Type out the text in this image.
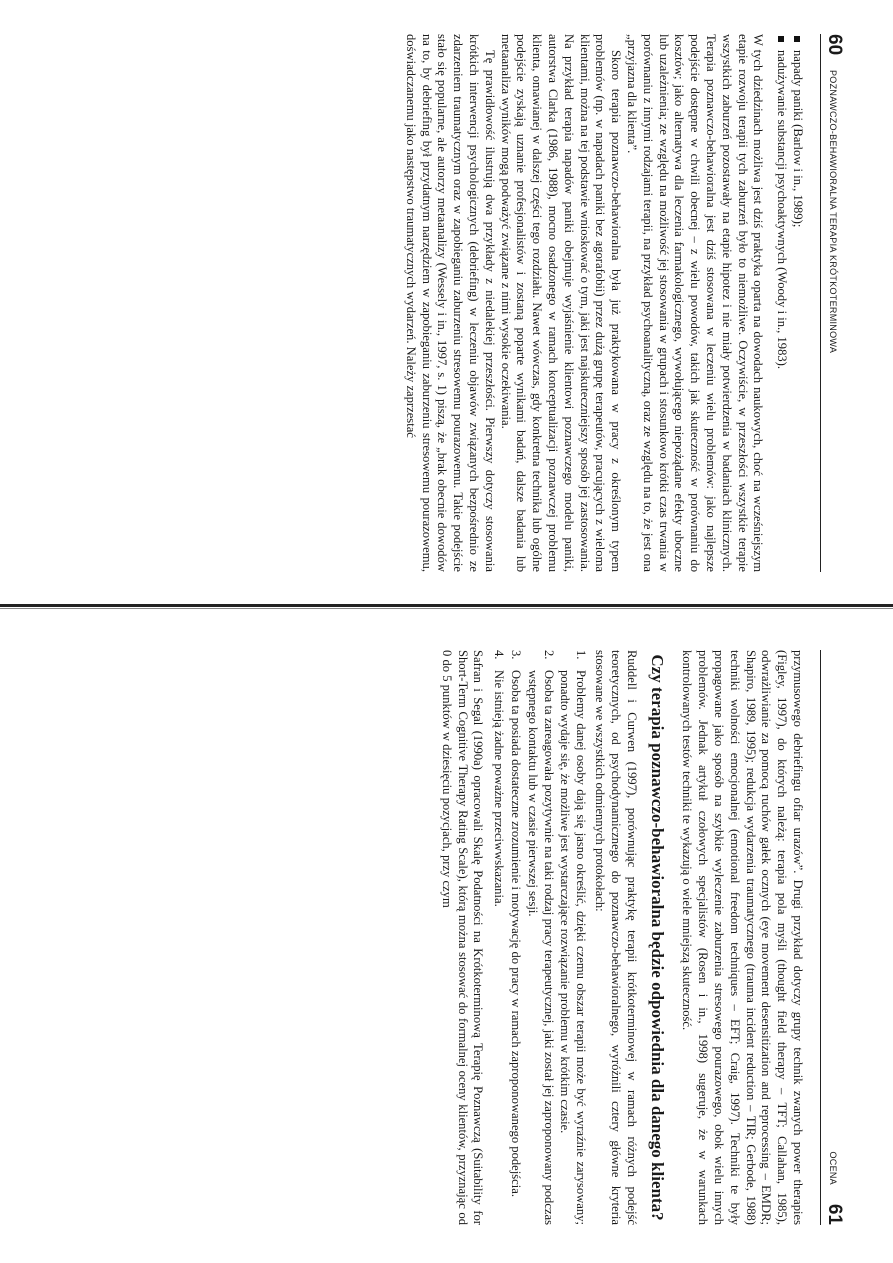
60
POZNAWCZO-BEHAWIORALNA TERAPIA KRÓTKOTERMINOWA
napady paniki (Barlow i in., 1989);
nadużywanie substancji psychoaktywnych (Woody i in., 1983).

W tych dziedzinach możliwa jest dziś praktyka oparta na dowodach naukowych, choć na wcześniejszym etapie rozwoju terapii tych zaburzeń było to niemożliwe. Oczywiście, w przeszłości wszystkie terapie wszystkich zaburzeń pozostawały na etapie hipotez i nie miały potwierdzenia w badaniach klinicznych. Terapia poznawczo-behawioralna jest dziś stosowana w leczeniu wielu problemów: jako najlepsze podejście dostępne w chwili obecnej – z wielu powodów, takich jak skuteczność w porównaniu do kosztów; jako alternatywa dla leczenia farmakologicznego, wywołującego niepożądane efekty uboczne lub uzależnienia; ze względu na możliwość jej stosowania w grupach i stosunkowo krótki czas trwania w porównaniu z innymi rodzajami terapii, na przykład psychoanalityczną, oraz ze względu na to, że jest ona „przyjazna dla klienta”.

Skoro terapia poznawczo-behawioralna była już praktykowana w pracy z określonym typem problemów (np. w napadach paniki bez agorafobii) przez dużą grupę terapeutów, pracujących z wieloma klientami, można na tej podstawie wnioskować o tym, jaki jest najskuteczniejszy sposób jej zastosowania. Na przykład terapia napadów paniki obejmuje wyjaśnienie klientowi poznawczego modelu paniki, autorstwa Clarka (1986, 1988), mocno osadzonego w ramach konceptualizacji poznawczej problemu klienta, omawianej w dalszej części tego rozdziału. Nawet wówczas, gdy konkretna technika lub ogólne podejście zyskają uznanie profesjonalistów i zostaną poparte wynikami badań, dalsze badania lub metaanaliza wyników mogą podważyć związane z nimi wysokie oczekiwania.

Tę prawidłowość ilustrują dwa przykłady z niedalekiej przeszłości. Pierwszy dotyczy stosowania krótkich interwencji psychologicznych (debriefing) w leczeniu objawów związanych bezpośrednio ze zdarzeniem traumatycznym oraz w zapobieganiu zaburzeniu stresowemu pourazowemu. Takie podejście stało się popularne, ale autorzy metaanalizy (Wessely i in., 1997, s. 1) piszą, że „brak obecnie dowodów na to, by debriefing był przydatnym narzędziem w zapobieganiu zaburzeniu stresowemu pourazowemu, doświadczanemu jako następstwo traumatycznych wydarzeń. Należy zaprzestać

OCENA
61

przymusowego debriefingu ofiar urazów”. Drugi przykład dotyczy grupy technik zwanych power therapies (Figley, 1997), do których należą: terapia pola myśli (thought field therapy – TFT; Callahan, 1985), odwrażliwianie za pomocą ruchów gałek ocznych (eye movement desensitization and reprocessing – EMDR; Shapiro, 1989, 1995); redukcja wydarzenia traumatycznego (trauma incident reduction – TIR; Gerbode, 1988) techniki wolności emocjonalnej (emotional freedom techniques – EFT; Craig, 1997). Techniki te były propagowane jako sposób na szybkie wyleczenie zaburzenia stresowego pourazowego, obok wielu innych problemów. Jednak artykuł czołowych specjalistów (Rosen i in., 1998) sugeruje, że w warunkach kontrolowanych testów techniki te wykazują o wiele mniejszą skuteczność.

Czy terapia poznawczo-behawioralna będzie odpowiednia dla danego klienta?

Ruddell i Curwen (1997), porównując praktykę terapii krótkoterminowej w ramach różnych podejść teoretycznych, od psychodynamicznego do poznawczo-behawioralnego, wyróżnili cztery główne kryteria stosowane we wszystkich odmiennych protokołach:

1.
Problemy danej osoby dają się jasno określić, dzięki czemu obszar terapii może być wyraźnie zarysowany; ponadto wydaje się, że możliwe jest wystarczające rozwiązanie problemu w krótkim czasie.
2.
Osoba ta zareagowała pozytywnie na taki rodzaj pracy terapeutycznej, jaki został jej zaproponowany podczas wstępnego kontaktu lub w czasie pierwszej sesji.
3.
Osoba ta posiada dostateczne zrozumienie i motywację do pracy w ramach zaproponowanego podejścia.
4.
Nie istnieją żadne poważne przeciwwskazania.

Safran i Segal (1990a) opracowali Skalę Podatności na Krótkoterminową Terapię Poznawczą (Suitability for Short-Term Cognitive Therapy Rating Scale), którą można stosować do formalnej oceny klientów, przyznając od 0 do 5 punktów w dziesięciu pozycjach, przy czym
